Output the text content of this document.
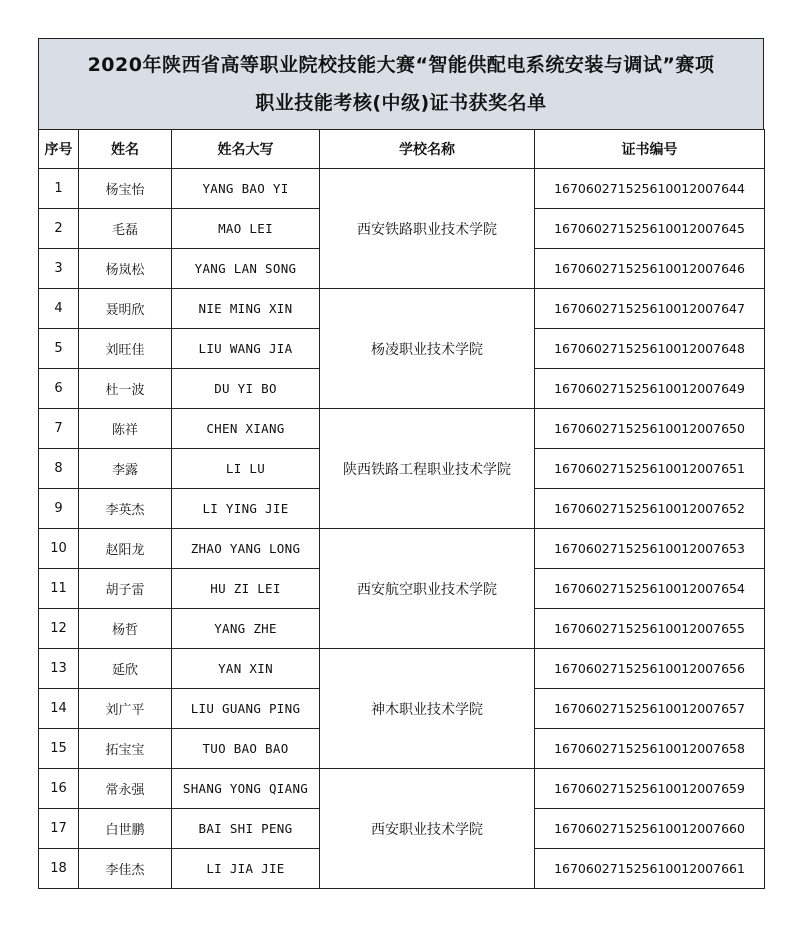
2020年陕西省高等职业院校技能大赛“智能供配电系统安装与调试”赛项
职业技能考核(中级)证书获奖名单
序号	姓名	姓名大写	学校名称	证书编号
1	杨宝怡	YANG BAO YI	西安铁路职业技术学院	167060271525610012007644
2	毛磊	MAO LEI		167060271525610012007645
3	杨岚松	YANG LAN SONG		167060271525610012007646
4	聂明欣	NIE MING XIN	杨凌职业技术学院	167060271525610012007647
5	刘旺佳	LIU WANG JIA		167060271525610012007648
6	杜一波	DU YI BO		167060271525610012007649
7	陈祥	CHEN XIANG	陕西铁路工程职业技术学院	167060271525610012007650
8	李露	LI LU		167060271525610012007651
9	李英杰	LI YING JIE		167060271525610012007652
10	赵阳龙	ZHAO YANG LONG	西安航空职业技术学院	167060271525610012007653
11	胡子雷	HU ZI LEI		167060271525610012007654
12	杨哲	YANG ZHE		167060271525610012007655
13	延欣	YAN XIN	神木职业技术学院	167060271525610012007656
14	刘广平	LIU GUANG PING		167060271525610012007657
15	拓宝宝	TUO BAO BAO		167060271525610012007658
16	常永强	SHANG YONG QIANG	西安职业技术学院	167060271525610012007659
17	白世鹏	BAI SHI PENG		167060271525610012007660
18	李佳杰	LI JIA JIE		167060271525610012007661
